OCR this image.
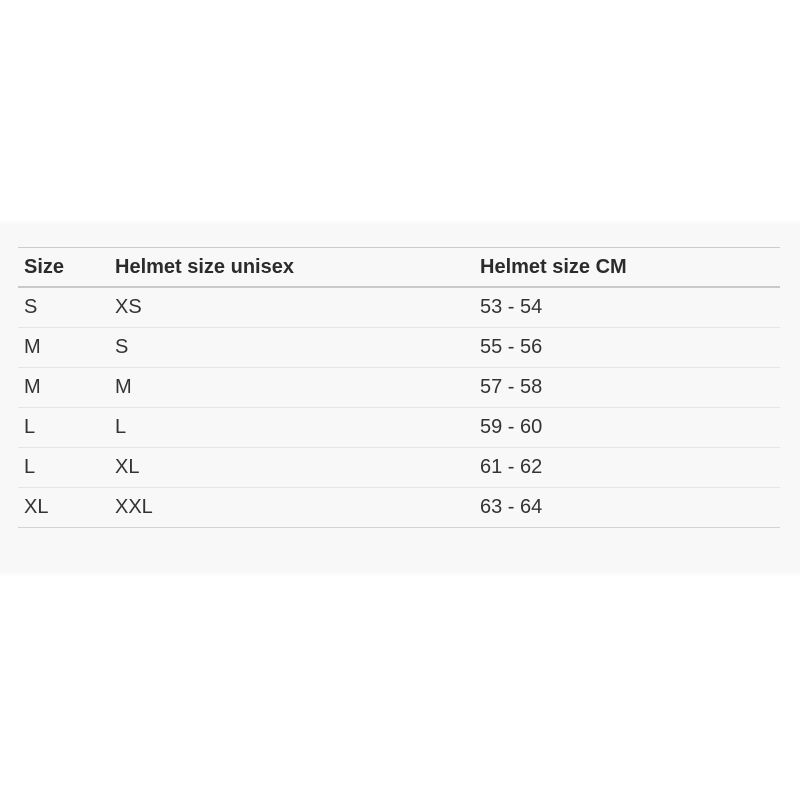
Size	Helmet size unisex	Helmet size CM
S	XS	53 - 54
M	S	55 - 56
M	M	57 - 58
L	L	59 - 60
L	XL	61 - 62
XL	XXL	63 - 64
